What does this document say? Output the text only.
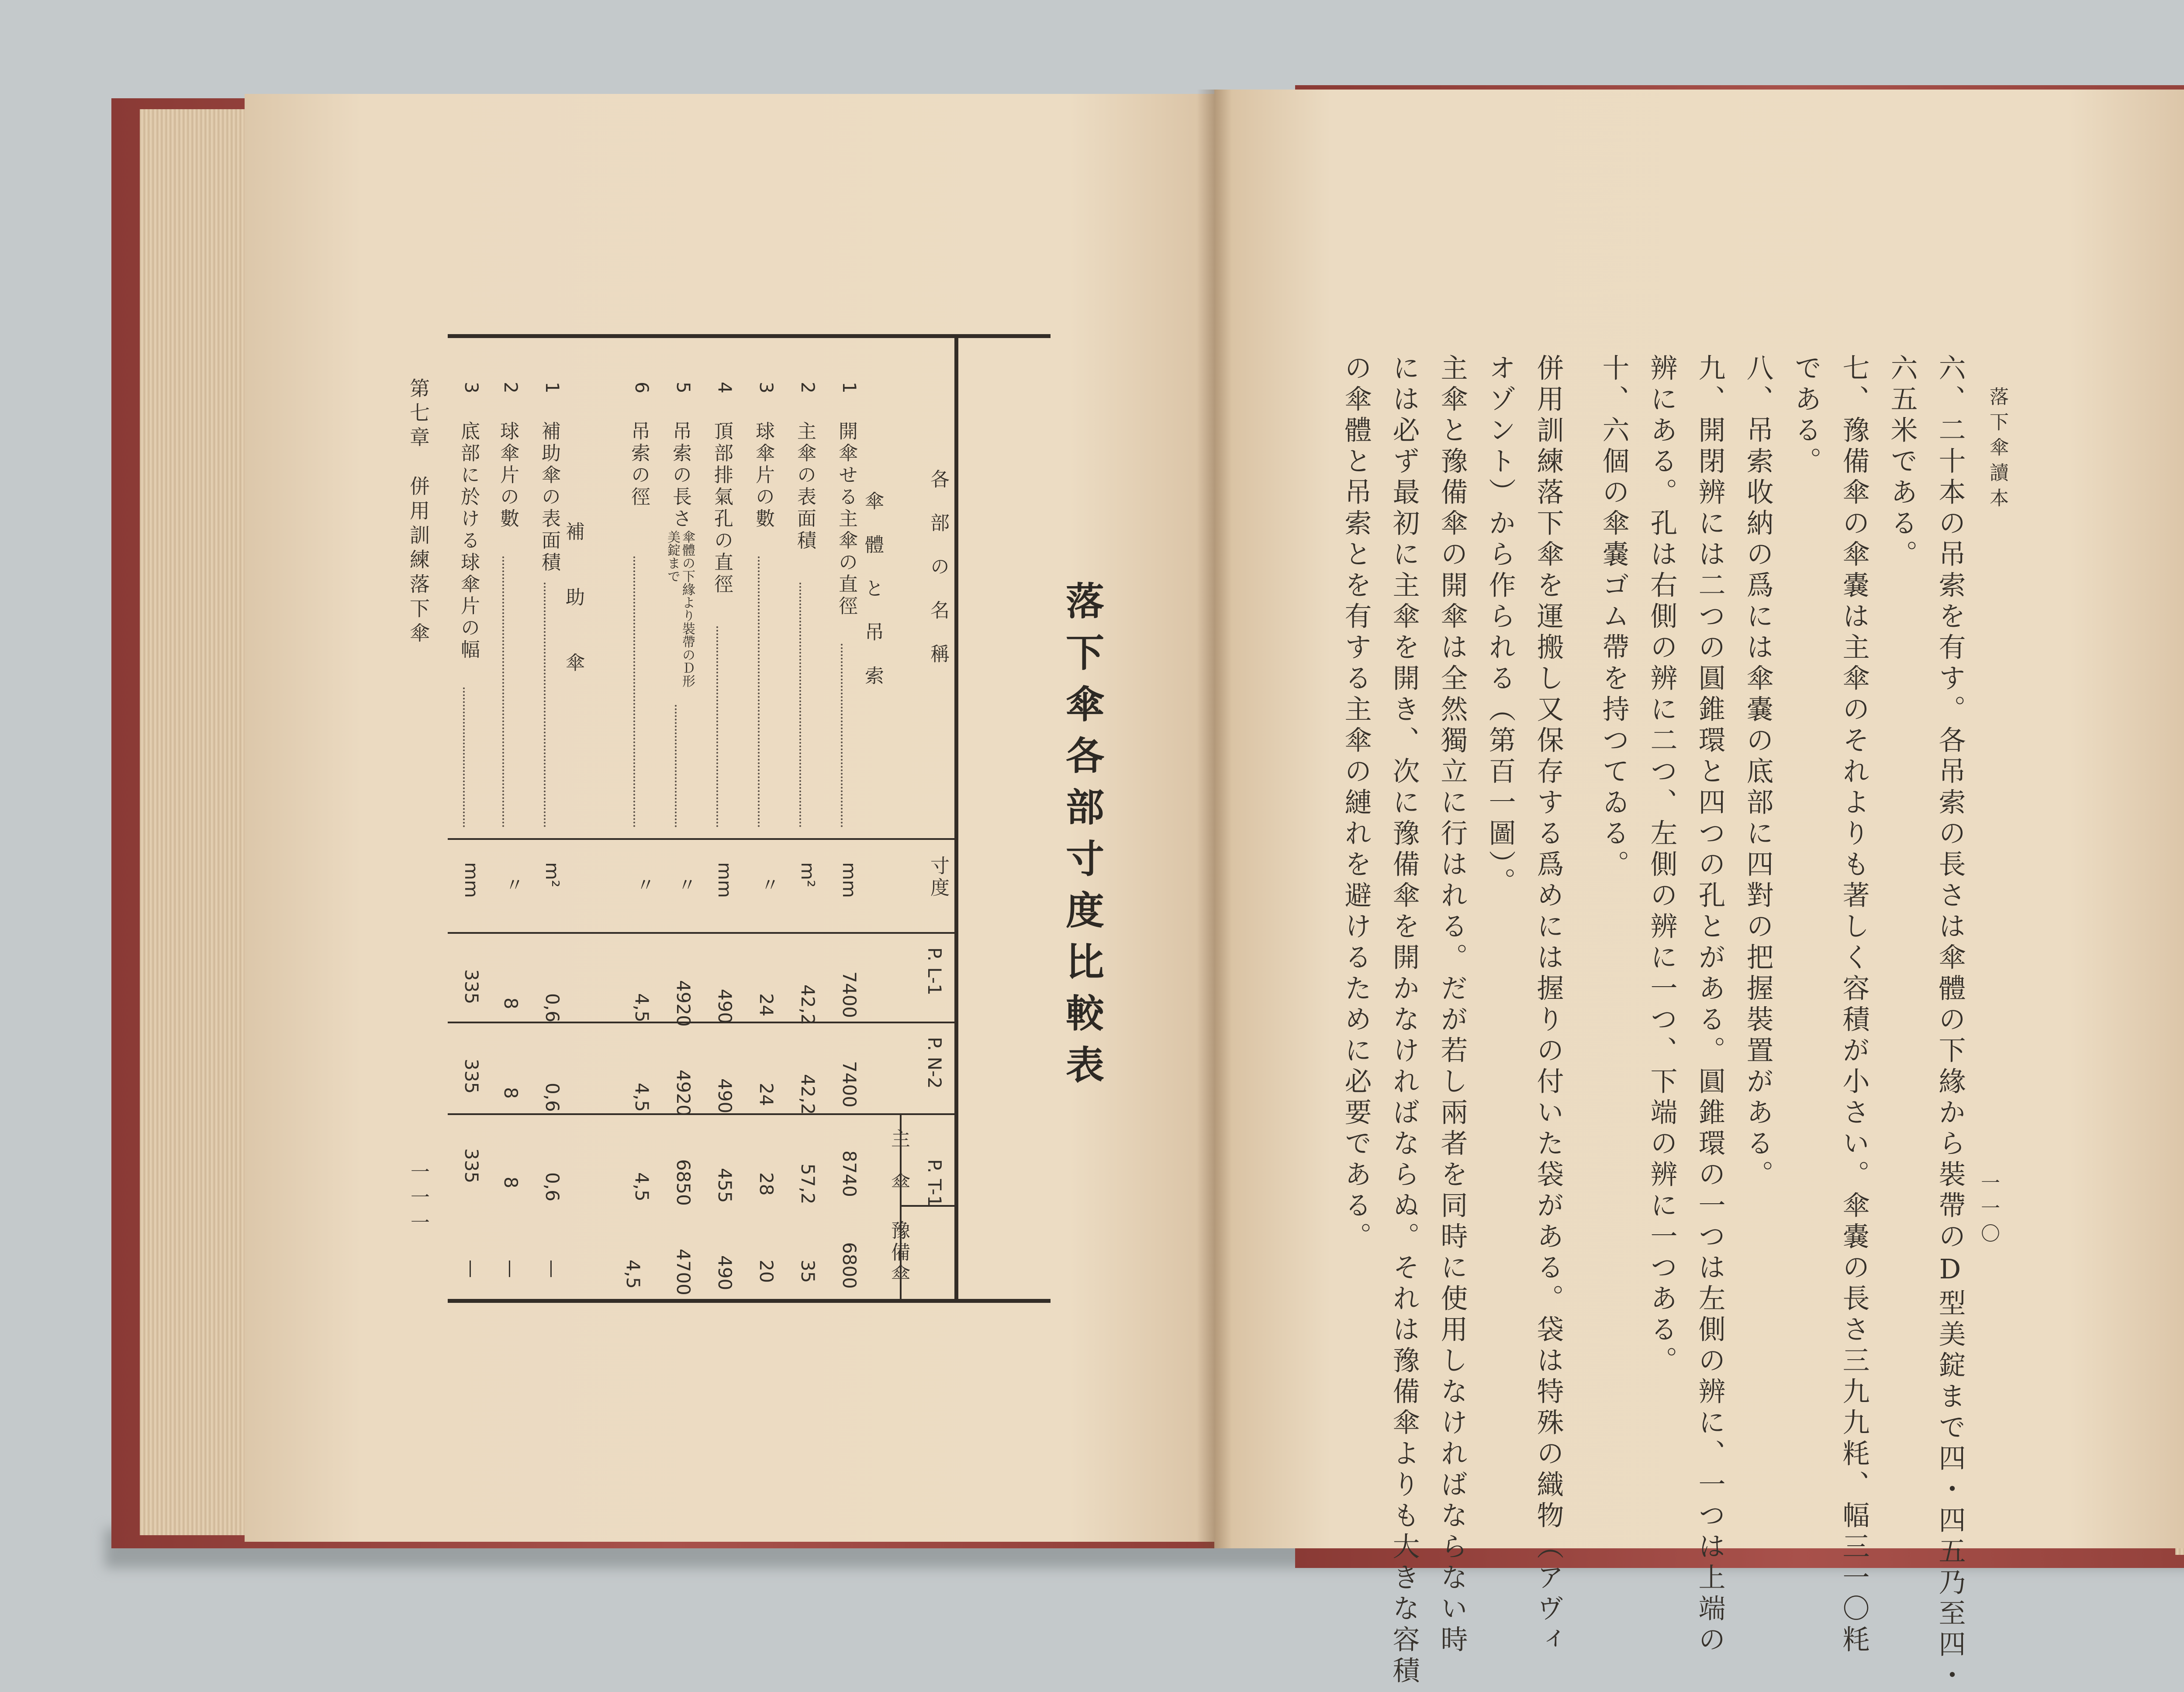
落下傘讀本
一一〇
六、二十本の吊索を有す。各吊索の長さは傘體の下緣から裝帶のD型美錠まで四・四五乃至四・
六五米である。
七、豫備傘の傘嚢は主傘のそれよりも著しく容積が小さい。傘嚢の長さ三九九粍、幅三一〇粍
である。
八、吊索收納の爲には傘嚢の底部に四對の把握裝置がある。
九、開閉辨には二つの圓錐環と四つの孔とがある。圓錐環の一つは左側の辨に、一つは上端の
辨にある。孔は右側の辨に二つ、左側の辨に一つ、下端の辨に一つある。
十、六個の傘嚢ゴム帶を持つてゐる。
併用訓練落下傘を運搬し又保存する爲めには握りの付いた袋がある。袋は特殊の織物（アヴィ
オゾント）から作られる（第百一圖）。
主傘と豫備傘の開傘は全然獨立に行はれる。だが若し兩者を同時に使用しなければならない時
には必ず最初に主傘を開き、次に豫備傘を開かなければならぬ。それは豫備傘よりも大きな容積
の傘體と吊索とを有する主傘の縺れを避けるために必要である。
落下傘各部寸度比較表
各　部　の　名　稱
寸度
P. L-1
P. N-2
P. T-1
主　傘
豫備傘
傘　體　と　吊　索
補　　助　　傘
1
開傘せる主傘の直徑
mm
7400
7400
8740
6800
2
主傘の表面積
m²
42,2
42,2
57,2
35
3
球傘片の數
〃
24
24
28
20
4
頂部排氣孔の直徑
mm
490
490
455
490
5
吊索の長さ
傘體の下緣より裝帶のＤ形美錠まで
〃
4920
4920
6850
4700
6
吊索の徑
〃
4,5
4,5
4,5
4,5
1
補助傘の表面積
m²
0,6
0,6
0,6
—
2
球傘片の數
〃
8
8
8
—
3
底部に於ける球傘片の幅
mm
335
335
335
—
第七章　併用訓練落下傘
一一一
